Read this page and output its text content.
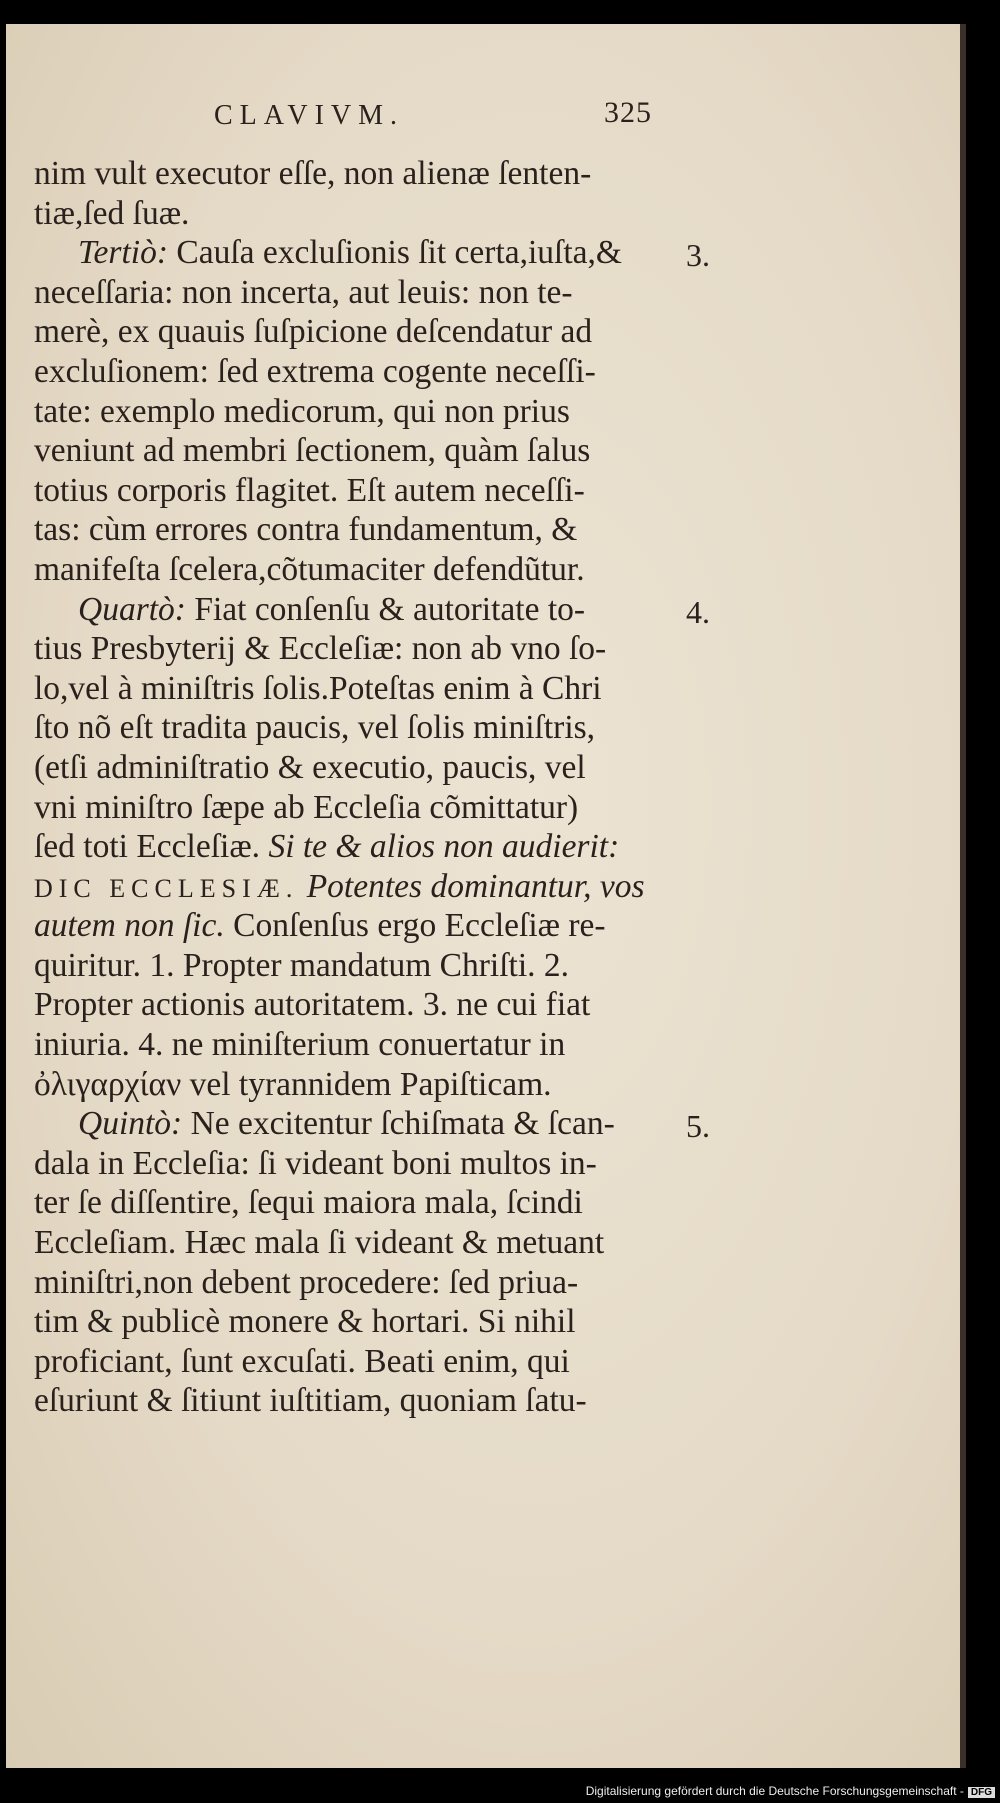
CLAVIVM.	325
nim vult executor eſſe, non alienæ ſenten-
tiæ,ſed ſuæ.
Tertiò: Cauſa excluſionis ſit certa,iuſta,&
neceſſaria: non incerta, aut leuis: non te-
merè, ex quauis ſuſpicione deſcendatur ad
excluſionem: ſed extrema cogente neceſſi-
tate: exemplo medicorum, qui non prius
veniunt ad membri ſectionem, quàm ſalus
totius corporis flagitet. Eſt autem neceſſi-
tas: cùm errores contra fundamentum, &
manifeſta ſcelera,cõtumaciter defendũtur.
Quartò: Fiat conſenſu & autoritate to-
tius Presbyterij & Eccleſiæ: non ab vno ſo-
lo,vel à miniſtris ſolis.Poteſtas enim à Chri
ſto nõ eſt tradita paucis, vel ſolis miniſtris,
(etſi adminiſtratio & executio, paucis, vel
vni miniſtro ſæpe ab Eccleſia cõmittatur)
ſed toti Eccleſiæ. Si te & alios non audierit:
DIC ECCLESIÆ. Potentes dominantur, vos
autem non ſic. Conſenſus ergo Eccleſiæ re-
quiritur. 1. Propter mandatum Chriſti. 2.
Propter actionis autoritatem. 3. ne cui fiat
iniuria. 4. ne miniſterium conuertatur in
ὀλιγαρχίαν vel tyrannidem Papiſticam.
Quintò: Ne excitentur ſchiſmata & ſcan-
dala in Eccleſia: ſi videant boni multos in-
ter ſe diſſentire, ſequi maiora mala, ſcindi
Eccleſiam. Hæc mala ſi videant & metuant
miniſtri,non debent procedere: ſed priua-
tim & publicè monere & hortari. Si nihil
proficiant, ſunt excuſati. Beati enim, qui
eſuriunt & ſitiunt iuſtitiam, quoniam ſatu-
3.
4.
5.
Digitalisierung gefördert durch die Deutsche Forschungsgemeinschaft - DFG
